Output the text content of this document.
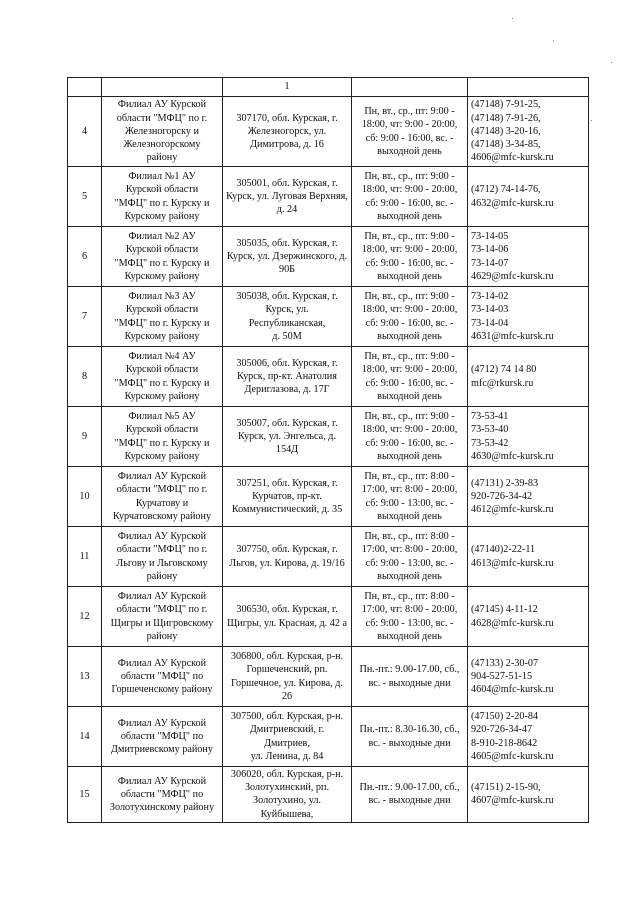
		1		

4	Филиал АУ Курской
области "МФЦ" по г.
Железногорску и
Железногорскому
району	307170, обл. Курская, г.
Железногорск, ул.
Димитрова, д. 16	Пн, вт., ср., пт: 9:00 -
18:00, чт: 9:00 - 20:00,
сб: 9:00 - 16:00, вс. -
выходной день	(47148) 7-91-25,
(47148) 7-91-26,
(47148) 3-20-16,
(47148) 3-34-85,
4606@mfc-kursk.ru

5	Филиал №1 АУ
Курской области
"МФЦ" по г. Курску и
Курскому району	305001, обл. Курская, г.
Курск, ул. Луговая Верхняя,
д. 24	Пн, вт., ср., пт: 9:00 -
18:00, чт: 9:00 - 20:00,
сб: 9:00 - 16:00, вс. -
выходной день	(4712) 74-14-76,
4632@mfc-kursk.ru

6	Филиал №2 АУ
Курской области
"МФЦ" по г. Курску и
Курскому району	305035, обл. Курская, г.
Курск, ул. Дзержинского, д.
90Б	Пн, вт., ср., пт: 9:00 -
18:00, чт: 9:00 - 20:00,
сб: 9:00 - 16:00, вс. -
выходной день	73-14-05
73-14-06
73-14-07
4629@mfc-kursk.ru

7	Филиал №3 АУ
Курской области
"МФЦ" по г. Курску и
Курскому району	305038, обл. Курская, г.
Курск, ул. Республиканская,
д. 50М	Пн, вт., ср., пт: 9:00 -
18:00, чт: 9:00 - 20:00,
сб: 9:00 - 16:00, вс. -
выходной день	73-14-02
73-14-03
73-14-04
4631@mfc-kursk.ru

8	Филиал №4 АУ
Курской области
"МФЦ" по г. Курску и
Курскому району	305006, обл. Курская, г.
Курск, пр-кт. Анатолия
Дериглазова, д. 17Г	Пн, вт., ср., пт: 9:00 -
18:00, чт: 9:00 - 20:00,
сб: 9:00 - 16:00, вс. -
выходной день	(4712) 74 14 80
mfc@rkursk.ru

9	Филиал №5 АУ
Курской области
"МФЦ" по г. Курску и
Курскому району	305007, обл. Курская, г.
Курск, ул. Энгельса, д. 154Д	Пн, вт., ср., пт: 9:00 -
18:00, чт: 9:00 - 20:00,
сб: 9:00 - 16:00, вс. -
выходной день	73-53-41
73-53-40
73-53-42
4630@mfc-kursk.ru

10	Филиал АУ Курской
области "МФЦ" по г.
Курчатову и
Курчатовскому району	307251, обл. Курская, г.
Курчатов, пр-кт.
Коммунистический, д. 35	Пн, вт., ср., пт: 8:00 -
17:00, чт: 8:00 - 20:00,
сб: 9:00 - 13:00, вс. -
выходной день	(47131) 2-39-83
920-726-34-42
4612@mfc-kursk.ru

11	Филиал АУ Курской
области "МФЦ" по г.
Льгову и Льговскому
району	307750, обл. Курская, г.
Льгов, ул. Кирова, д. 19/16	Пн, вт., ср., пт: 8:00 -
17:00, чт: 8:00 - 20:00,
сб: 9:00 - 13:00, вс. -
выходной день	(47140)2-22-11
4613@mfc-kursk.ru

12	Филиал АУ Курской
области "МФЦ" по г.
Щигры и Щигровскому
району	306530, обл. Курская, г.
Щигры, ул. Красная, д. 42 а	Пн, вт., ср., пт: 8:00 -
17:00, чт: 8:00 - 20:00,
сб: 9:00 - 13:00, вс. -
выходной день	(47145) 4-11-12
4628@mfc-kursk.ru

13	Филиал АУ Курской
области "МФЦ" по
Горшеченскому району	306800, обл. Курская, р-н.
Горшеченский, рп.
Горшечное, ул. Кирова, д.
26	Пн.-пт.: 9.00-17.00, сб.,
вс. - выходные дни	(47133) 2-30-07
904-527-51-15
4604@mfc-kursk.ru

14	Филиал АУ Курской
области "МФЦ" по
Дмитриевскому району	307500, обл. Курская, р-н.
Дмитриевский, г. Дмитриев,
ул. Ленина, д. 84	Пн.-пт.: 8.30-16.30, сб.,
вс. - выходные дни	(47150) 2-20-84
920-726-34-47
8-910-218-8642
4605@mfc-kursk.ru

15	Филиал АУ Курской
области "МФЦ" по
Золотухинскому району	306020, обл. Курская, р-н.
Золотухинский, рп.
Золотухино, ул. Куйбышева,	Пн.-пт.: 9.00-17.00, сб.,
вс. - выходные дни	(47151) 2-15-90,
4607@mfc-kursk.ru
